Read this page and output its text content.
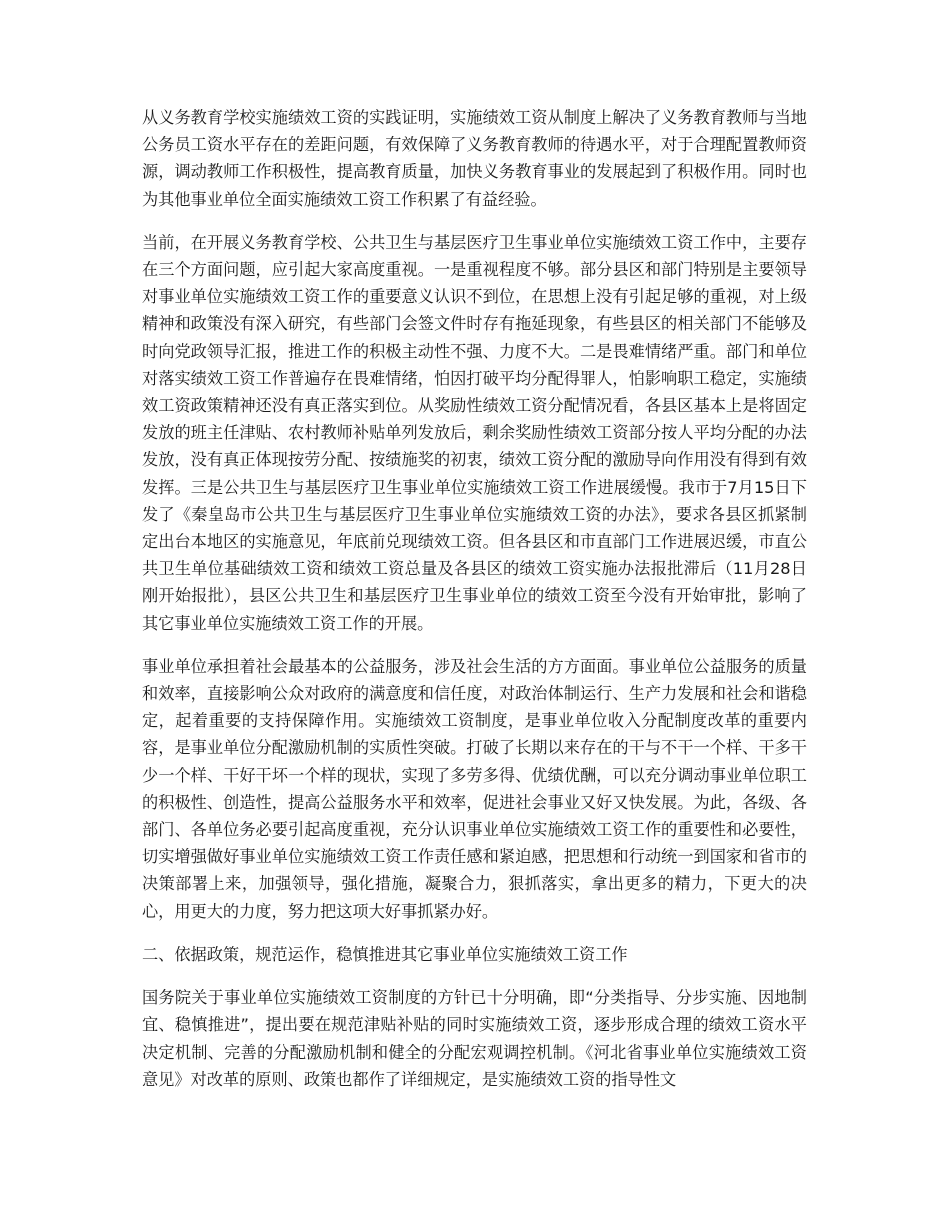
从义务教育学校实施绩效工资的实践证明，实施绩效工资从制度上解决了义务教育教师与当地公务员工资水平存在的差距问题，有效保障了义务教育教师的待遇水平，对于合理配置教师资源，调动教师工作积极性，提高教育质量，加快义务教育事业的发展起到了积极作用。同时也为其他事业单位全面实施绩效工资工作积累了有益经验。

当前，在开展义务教育学校、公共卫生与基层医疗卫生事业单位实施绩效工资工作中，主要存在三个方面问题，应引起大家高度重视。一是重视程度不够。部分县区和部门特别是主要领导对事业单位实施绩效工资工作的重要意义认识不到位，在思想上没有引起足够的重视，对上级精神和政策没有深入研究，有些部门会签文件时存有拖延现象，有些县区的相关部门不能够及时向党政领导汇报，推进工作的积极主动性不强、力度不大。二是畏难情绪严重。部门和单位对落实绩效工资工作普遍存在畏难情绪，怕因打破平均分配得罪人，怕影响职工稳定，实施绩效工资政策精神还没有真正落实到位。从奖励性绩效工资分配情况看，各县区基本上是将固定发放的班主任津贴、农村教师补贴单列发放后，剩余奖励性绩效工资部分按人平均分配的办法发放，没有真正体现按劳分配、按绩施奖的初衷，绩效工资分配的激励导向作用没有得到有效发挥。三是公共卫生与基层医疗卫生事业单位实施绩效工资工作进展缓慢。我市于7月15日下发了《秦皇岛市公共卫生与基层医疗卫生事业单位实施绩效工资的办法》，要求各县区抓紧制定出台本地区的实施意见，年底前兑现绩效工资。但各县区和市直部门工作进展迟缓，市直公共卫生单位基础绩效工资和绩效工资总量及各县区的绩效工资实施办法报批滞后（11月28日刚开始报批），县区公共卫生和基层医疗卫生事业单位的绩效工资至今没有开始审批，影响了其它事业单位实施绩效工资工作的开展。

事业单位承担着社会最基本的公益服务，涉及社会生活的方方面面。事业单位公益服务的质量和效率，直接影响公众对政府的满意度和信任度，对政治体制运行、生产力发展和社会和谐稳定，起着重要的支持保障作用。实施绩效工资制度，是事业单位收入分配制度改革的重要内容，是事业单位分配激励机制的实质性突破。打破了长期以来存在的干与不干一个样、干多干少一个样、干好干坏一个样的现状，实现了多劳多得、优绩优酬，可以充分调动事业单位职工的积极性、创造性，提高公益服务水平和效率，促进社会事业又好又快发展。为此，各级、各部门、各单位务必要引起高度重视，充分认识事业单位实施绩效工资工作的重要性和必要性，切实增强做好事业单位实施绩效工资工作责任感和紧迫感，把思想和行动统一到国家和省市的决策部署上来，加强领导，强化措施，凝聚合力，狠抓落实，拿出更多的精力，下更大的决心，用更大的力度，努力把这项大好事抓紧办好。

二、依据政策，规范运作，稳慎推进其它事业单位实施绩效工资工作

国务院关于事业单位实施绩效工资制度的方针已十分明确，即“分类指导、分步实施、因地制宜、稳慎推进”，提出要在规范津贴补贴的同时实施绩效工资，逐步形成合理的绩效工资水平决定机制、完善的分配激励机制和健全的分配宏观调控机制。《河北省事业单位实施绩效工资意见》对改革的原则、政策也都作了详细规定，是实施绩效工资的指导性文
